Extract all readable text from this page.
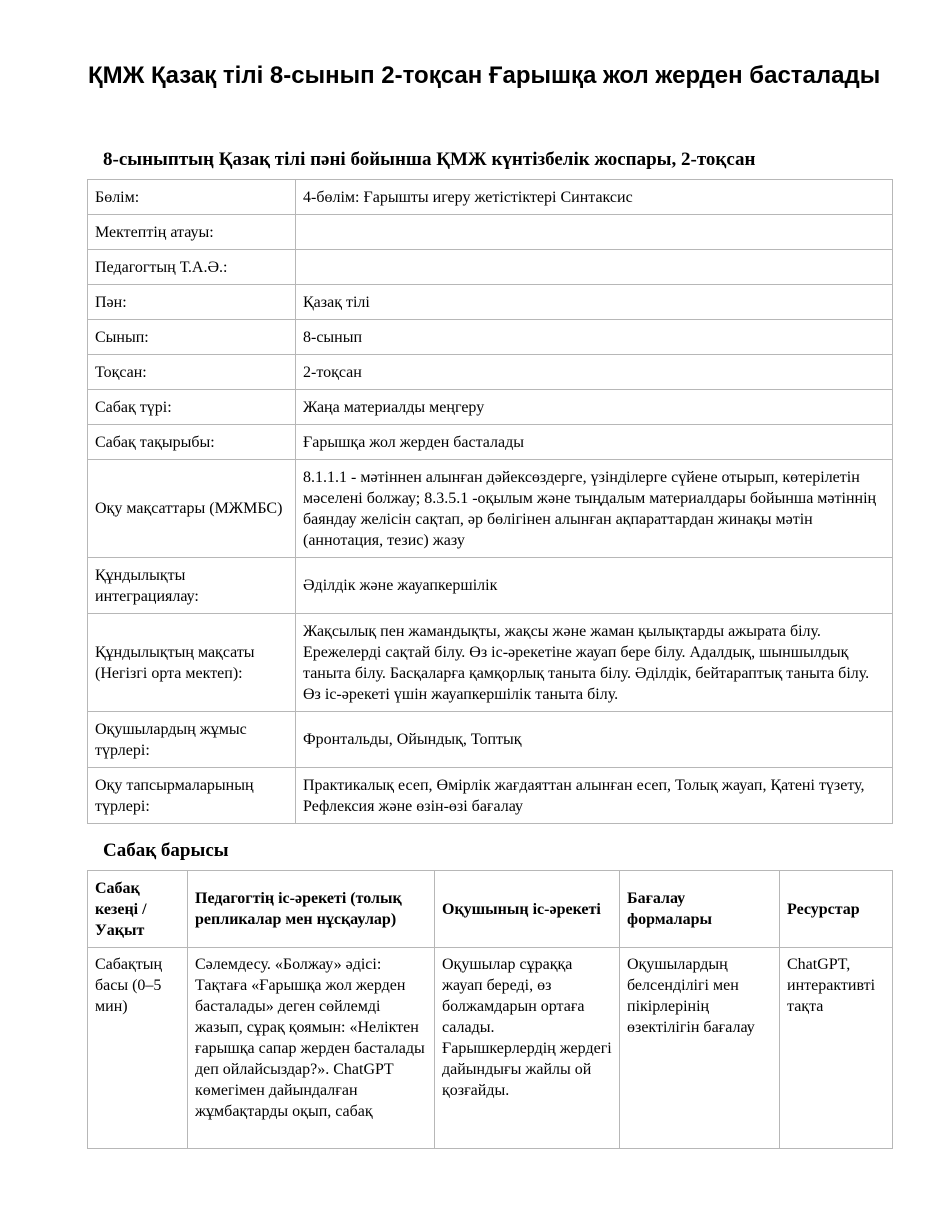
ҚМЖ Қазақ тілі 8-сынып 2-тоқсан Ғарышқа жол жерден басталады
8-сыныптың Қазақ тілі пәні бойынша ҚМЖ күнтізбелік жоспары, 2-тоқсан
Бөлім:	4-бөлім: Ғарышты игеру жетістіктері Синтаксис
Мектептің атауы:	
Педагогтың Т.А.Ә.:	
Пән:	Қазақ тілі
Сынып:	8-сынып
Тоқсан:	2-тоқсан
Сабақ түрі:	Жаңа материалды меңгеру
Сабақ тақырыбы:	Ғарышқа жол жерден басталады
Оқу мақсаттары (МЖМБС)	8.1.1.1 - мәтіннен алынған дәйексөздерге, үзінділерге сүйене отырып, көтерілетін мәселені болжау; 8.3.5.1 -оқылым және тыңдалым материалдары бойынша мәтіннің баяндау желісін сақтап, әр бөлігінен алынған ақпараттардан жинақы мәтін (аннотация, тезис) жазу
Құндылықты интеграциялау:	Әділдік және жауапкершілік
Құндылықтың мақсаты (Негізгі орта мектеп):	Жақсылық пен жамандықты, жақсы және жаман қылықтарды ажырата білу. Ережелерді сақтай білу. Өз іс-әрекетіне жауап бере білу. Адалдық, шыншылдық таныта білу. Басқаларға қамқорлық таныта білу. Әділдік, бейтараптық таныта білу. Өз іс-әрекеті үшін жауапкершілік таныта білу.
Оқушылардың жұмыс түрлері:	Фронтальды, Ойындық, Топтық
Оқу тапсырмаларының түрлері:	Практикалық есеп, Өмірлік жағдаяттан алынған есеп, Толық жауап, Қатені түзету, Рефлексия және өзін-өзі бағалау
Сабақ барысы
Сабақ кезеңі / Уақыт	Педагогтің іс-әрекеті (толық репликалар мен нұсқаулар)	Оқушының іс-әрекеті	Бағалау формалары	Ресурстар
Сабақтың басы (0–5 мин)	Сәлемдесу. «Болжау» әдісі: Тақтаға «Ғарышқа жол жерден басталады» деген сөйлемді жазып, сұрақ қоямын: «Неліктен ғарышқа сапар жерден басталады деп ойлайсыздар?». ChatGPT көмегімен дайындалған жұмбақтарды оқып, сабақ	Оқушылар сұраққа жауап береді, өз болжамдарын ортаға салады. Ғарышкерлердің жердегі дайындығы жайлы ой қозғайды.	Оқушылардың белсенділігі мен пікірлерінің өзектілігін бағалау	ChatGPT, интерактивті тақта
